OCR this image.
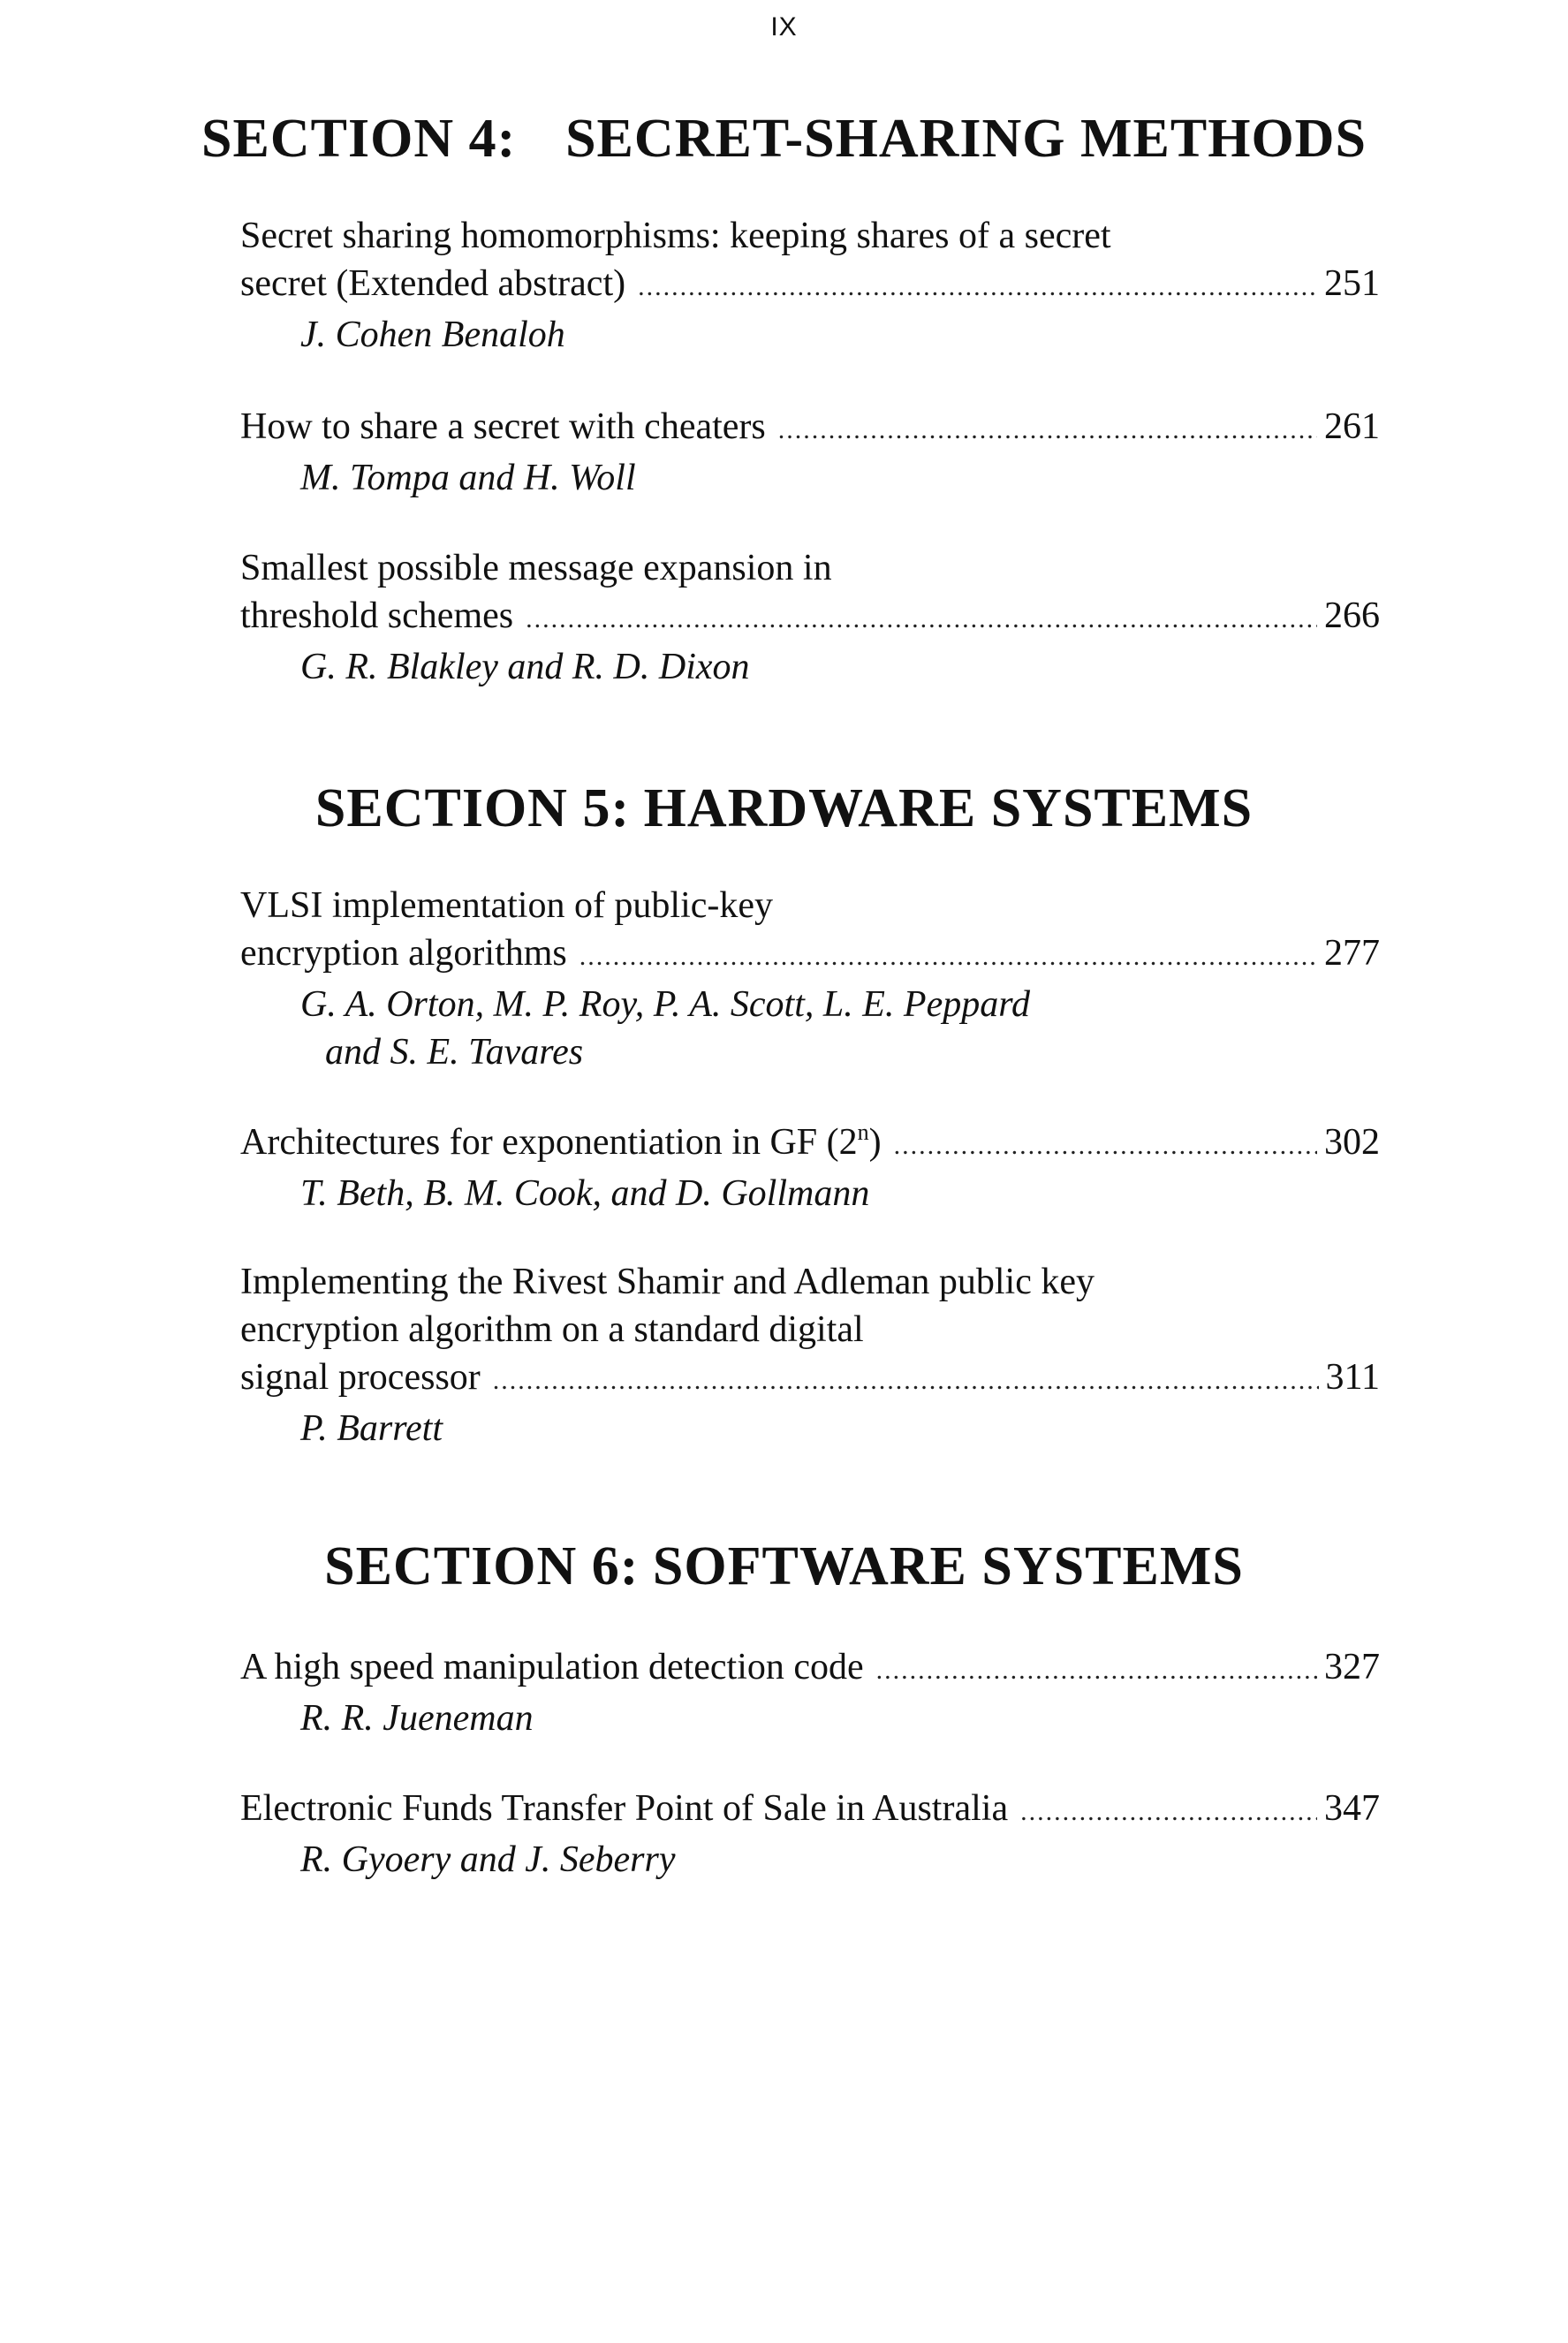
IX
SECTION 4: SECRET-SHARING METHODS
Secret sharing homomorphisms: keeping shares of a secret
secret (Extended abstract) .....	251
J. Cohen Benaloh
How to share a secret with cheaters .....	261
M. Tompa and H. Woll
Smallest possible message expansion in
threshold schemes .....	266
G. R. Blakley and R. D. Dixon
SECTION 5: HARDWARE SYSTEMS
VLSI implementation of public-key
encryption algorithms .....	277
G. A. Orton, M. P. Roy, P. A. Scott, L. E. Peppard
and S. E. Tavares
Architectures for exponentiation in GF (2$^n$) .....	302
T. Beth, B. M. Cook, and D. Gollmann
Implementing the Rivest Shamir and Adleman public key
encryption algorithm on a standard digital
signal processor .....	311
P. Barrett
SECTION 6: SOFTWARE SYSTEMS
A high speed manipulation detection code .....	327
R. R. Jueneman
Electronic Funds Transfer Point of Sale in Australia .....	347
R. Gyoery and J. Seberry
